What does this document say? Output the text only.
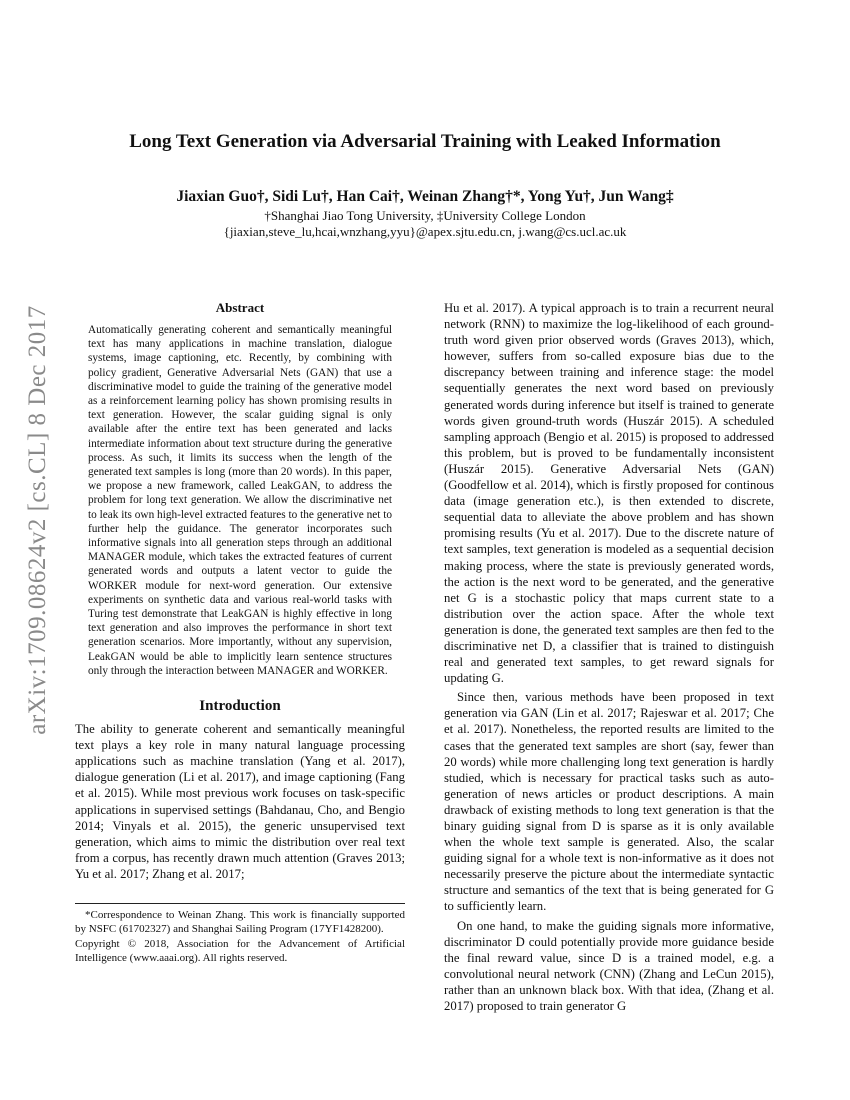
arXiv:1709.08624v2 [cs.CL] 8 Dec 2017
Long Text Generation via Adversarial Training with Leaked Information
Jiaxian Guo†, Sidi Lu†, Han Cai†, Weinan Zhang†*, Yong Yu†, Jun Wang‡
†Shanghai Jiao Tong University, ‡University College London
{jiaxian,steve_lu,hcai,wnzhang,yyu}@apex.sjtu.edu.cn, j.wang@cs.ucl.ac.uk
Abstract

Automatically generating coherent and semantically meaningful text has many applications in machine translation, dialogue systems, image captioning, etc. Recently, by combining with policy gradient, Generative Adversarial Nets (GAN) that use a discriminative model to guide the training of the generative model as a reinforcement learning policy has shown promising results in text generation. However, the scalar guiding signal is only available after the entire text has been generated and lacks intermediate information about text structure during the generative process. As such, it limits its success when the length of the generated text samples is long (more than 20 words). In this paper, we propose a new framework, called LeakGAN, to address the problem for long text generation. We allow the discriminative net to leak its own high-level extracted features to the generative net to further help the guidance. The generator incorporates such informative signals into all generation steps through an additional MANAGER module, which takes the extracted features of current generated words and outputs a latent vector to guide the WORKER module for next-word generation. Our extensive experiments on synthetic data and various real-world tasks with Turing test demonstrate that LeakGAN is highly effective in long text generation and also improves the performance in short text generation scenarios. More importantly, without any supervision, LeakGAN would be able to implicitly learn sentence structures only through the interaction between MANAGER and WORKER.

Introduction

The ability to generate coherent and semantically meaningful text plays a key role in many natural language processing applications such as machine translation (Yang et al. 2017), dialogue generation (Li et al. 2017), and image captioning (Fang et al. 2015). While most previous work focuses on task-specific applications in supervised settings (Bahdanau, Cho, and Bengio 2014; Vinyals et al. 2015), the generic unsupervised text generation, which aims to mimic the distribution over real text from a corpus, has recently drawn much attention (Graves 2013; Yu et al. 2017; Zhang et al. 2017;

*Correspondence to Weinan Zhang. This work is financially supported by NSFC (61702327) and Shanghai Sailing Program (17YF1428200).

Copyright © 2018, Association for the Advancement of Artificial Intelligence (www.aaai.org). All rights reserved.

Hu et al. 2017). A typical approach is to train a recurrent neural network (RNN) to maximize the log-likelihood of each ground-truth word given prior observed words (Graves 2013), which, however, suffers from so-called exposure bias due to the discrepancy between training and inference stage: the model sequentially generates the next word based on previously generated words during inference but itself is trained to generate words given ground-truth words (Huszár 2015). A scheduled sampling approach (Bengio et al. 2015) is proposed to addressed this problem, but is proved to be fundamentally inconsistent (Huszár 2015). Generative Adversarial Nets (GAN) (Goodfellow et al. 2014), which is firstly proposed for continous data (image generation etc.), is then extended to discrete, sequential data to alleviate the above problem and has shown promising results (Yu et al. 2017). Due to the discrete nature of text samples, text generation is modeled as a sequential decision making process, where the state is previously generated words, the action is the next word to be generated, and the generative net G is a stochastic policy that maps current state to a distribution over the action space. After the whole text generation is done, the generated text samples are then fed to the discriminative net D, a classifier that is trained to distinguish real and generated text samples, to get reward signals for updating G.

Since then, various methods have been proposed in text generation via GAN (Lin et al. 2017; Rajeswar et al. 2017; Che et al. 2017). Nonetheless, the reported results are limited to the cases that the generated text samples are short (say, fewer than 20 words) while more challenging long text generation is hardly studied, which is necessary for practical tasks such as auto-generation of news articles or product descriptions. A main drawback of existing methods to long text generation is that the binary guiding signal from D is sparse as it is only available when the whole text sample is generated. Also, the scalar guiding signal for a whole text is non-informative as it does not necessarily preserve the picture about the intermediate syntactic structure and semantics of the text that is being generated for G to sufficiently learn.

On one hand, to make the guiding signals more informative, discriminator D could potentially provide more guidance beside the final reward value, since D is a trained model, e.g. a convolutional neural network (CNN) (Zhang and LeCun 2015), rather than an unknown black box. With that idea, (Zhang et al. 2017) proposed to train generator G
